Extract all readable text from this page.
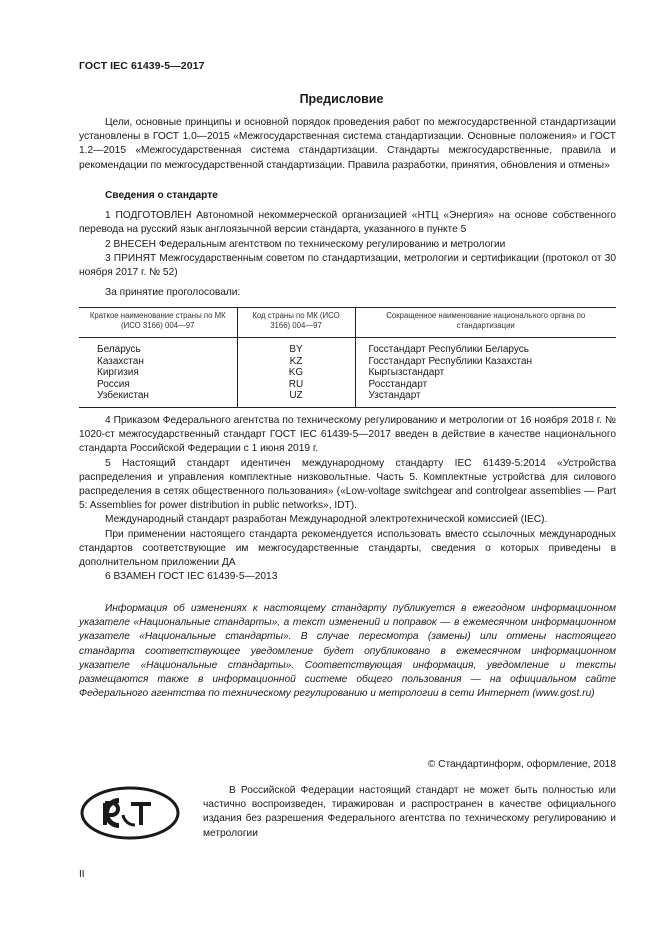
ГОСТ IEC 61439-5—2017
Предисловие
Цели, основные принципы и основной порядок проведения работ по межгосударственной стандартизации установлены в ГОСТ 1.0—2015 «Межгосударственная система стандартизации. Основные положения» и ГОСТ 1.2—2015 «Межгосударственная система стандартизации. Стандарты межгосударственные, правила и рекомендации по межгосударственной стандартизации. Правила разработки, принятия, обновления и отмены»
Сведения о стандарте
1 ПОДГОТОВЛЕН Автономной некоммерческой организацией «НТЦ «Энергия» на основе собственного перевода на русский язык англоязычной версии стандарта, указанного в пункте 5
2 ВНЕСЕН Федеральным агентством по техническому регулированию и метрологии
3 ПРИНЯТ Межгосударственным советом по стандартизации, метрологии и сертификации (протокол от 30 ноября 2017 г. № 52)
За принятие проголосовали:
Краткое наименование страны по МК (ИСО 3166) 004—97	Код страны по МК (ИСО 3166) 004—97	Сокращенное наименование национального органа по стандартизации
Беларусь	BY	Госстандарт Республики Беларусь
Казахстан	KZ	Госстандарт Республики Казахстан
Киргизия	KG	Кыргызстандарт
Россия	RU	Росстандарт
Узбекистан	UZ	Узстандарт
4 Приказом Федерального агентства по техническому регулированию и метрологии от 16 ноября 2018 г. № 1020-ст межгосударственный стандарт ГОСТ IEC 61439-5—2017 введен в действие в качестве национального стандарта Российской Федерации с 1 июня 2019 г.
5 Настоящий стандарт идентичен международному стандарту IEC 61439-5:2014 «Устройства распределения и управления комплектные низковольтные. Часть 5. Комплектные устройства для силового распределения в сетях общественного пользования» («Low-voltage switchgear and controlgear assemblies — Part 5: Assemblies for power distribution in public networks», IDT).
Международный стандарт разработан Международной электротехнической комиссией (IEC).
При применении настоящего стандарта рекомендуется использовать вместо ссылочных международных стандартов соответствующие им межгосударственные стандарты, сведения о которых приведены в дополнительном приложении ДА
6 ВЗАМЕН ГОСТ IEC 61439-5—2013
Информация об изменениях к настоящему стандарту публикуется в ежегодном информационном указателе «Национальные стандарты», а текст изменений и поправок — в ежемесячном информационном указателе «Национальные стандарты». В случае пересмотра (замены) или отмены настоящего стандарта соответствующее уведомление будет опубликовано в ежемесячном информационном указателе «Национальные стандарты». Соответствующая информация, уведомление и тексты размещаются также в информационной системе общего пользования — на официальном сайте Федерального агентства по техническому регулированию и метрологии в сети Интернет (www.gost.ru)
© Стандартинформ, оформление, 2018
В Российской Федерации настоящий стандарт не может быть полностью или частично воспроизведен, тиражирован и распространен в качестве официального издания без разрешения Федерального агентства по техническому регулированию и метрологии
II
